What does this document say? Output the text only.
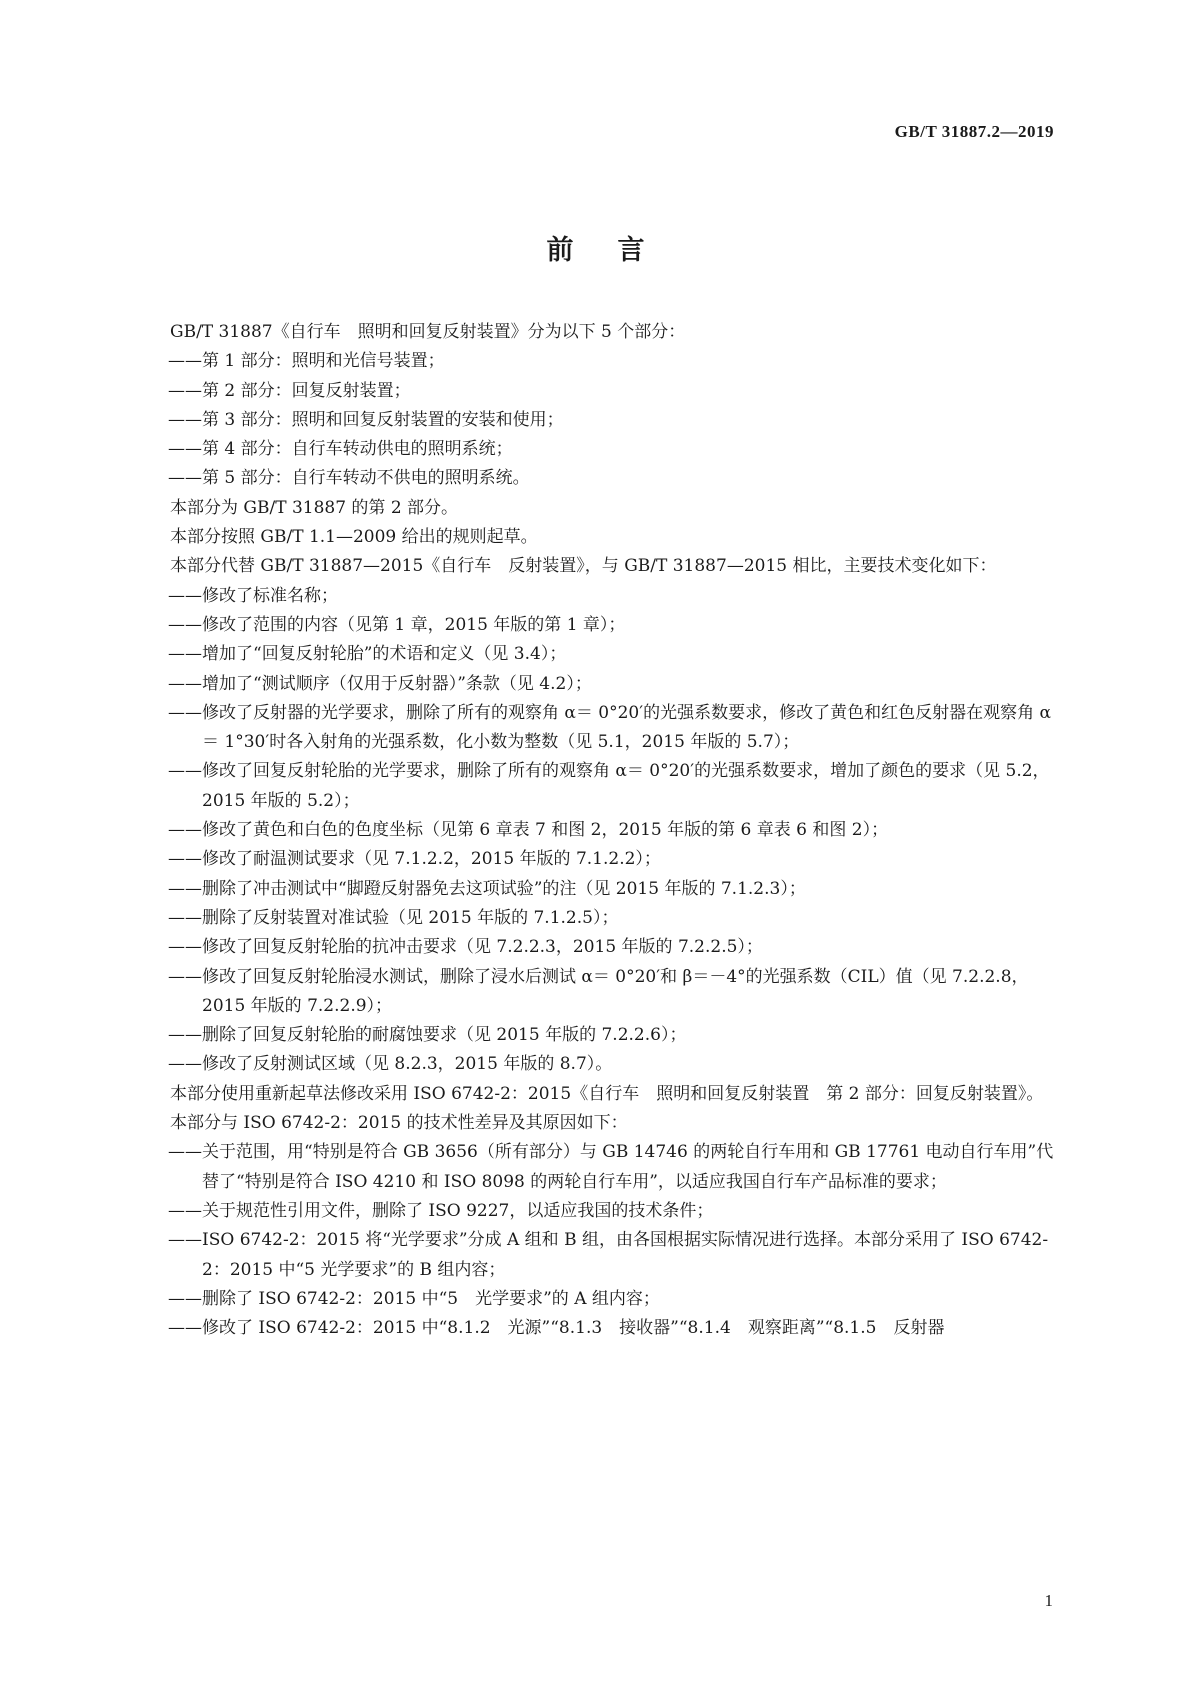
GB/T 31887.2—2019
前言

GB/T 31887《自行车　照明和回复反射装置》分为以下 5 个部分：

——第 1 部分：照明和光信号装置；

——第 2 部分：回复反射装置；

——第 3 部分：照明和回复反射装置的安装和使用；

——第 4 部分：自行车转动供电的照明系统；

——第 5 部分：自行车转动不供电的照明系统。

本部分为 GB/T 31887 的第 2 部分。

本部分按照 GB/T 1.1—2009 给出的规则起草。

本部分代替 GB/T 31887—2015《自行车　反射装置》，与 GB/T 31887—2015 相比，主要技术变化如下：

——修改了标准名称；

——修改了范围的内容（见第 1 章，2015 年版的第 1 章）；

——增加了“回复反射轮胎”的术语和定义（见 3.4）；

——增加了“测试顺序（仅用于反射器）”条款（见 4.2）；

——修改了反射器的光学要求，删除了所有的观察角 α＝ 0°20′的光强系数要求，修改了黄色和红色反射器在观察角 α＝ 1°30′时各入射角的光强系数，化小数为整数（见 5.1，2015 年版的 5.7）；

——修改了回复反射轮胎的光学要求，删除了所有的观察角 α＝ 0°20′的光强系数要求，增加了颜色的要求（见 5.2，2015 年版的 5.2）；

——修改了黄色和白色的色度坐标（见第 6 章表 7 和图 2，2015 年版的第 6 章表 6 和图 2）；

——修改了耐温测试要求（见 7.1.2.2，2015 年版的 7.1.2.2）；

——删除了冲击测试中“脚蹬反射器免去这项试验”的注（见 2015 年版的 7.1.2.3）；

——删除了反射装置对准试验（见 2015 年版的 7.1.2.5）；

——修改了回复反射轮胎的抗冲击要求（见 7.2.2.3，2015 年版的 7.2.2.5）；

——修改了回复反射轮胎浸水测试，删除了浸水后测试 α＝ 0°20′和 β＝－4°的光强系数（CIL）值（见 7.2.2.8，2015 年版的 7.2.2.9）；

——删除了回复反射轮胎的耐腐蚀要求（见 2015 年版的 7.2.2.6）；

——修改了反射测试区域（见 8.2.3，2015 年版的 8.7）。

本部分使用重新起草法修改采用 ISO 6742-2：2015《自行车　照明和回复反射装置　第 2 部分：回复反射装置》。

本部分与 ISO 6742-2：2015 的技术性差异及其原因如下：

——关于范围，用“特别是符合 GB 3656（所有部分）与 GB 14746 的两轮自行车用和 GB 17761 电动自行车用”代替了“特别是符合 ISO 4210 和 ISO 8098 的两轮自行车用”，以适应我国自行车产品标准的要求；

——关于规范性引用文件，删除了 ISO 9227，以适应我国的技术条件；

——ISO 6742-2：2015 将“光学要求”分成 A 组和 B 组，由各国根据实际情况进行选择。本部分采用了 ISO 6742-2：2015 中“5 光学要求”的 B 组内容；

——删除了 ISO 6742-2：2015 中“5　光学要求”的 A 组内容；

——修改了 ISO 6742-2：2015 中“8.1.2　光源”“8.1.3　接收器”“8.1.4　观察距离”“8.1.5　反射器

1
